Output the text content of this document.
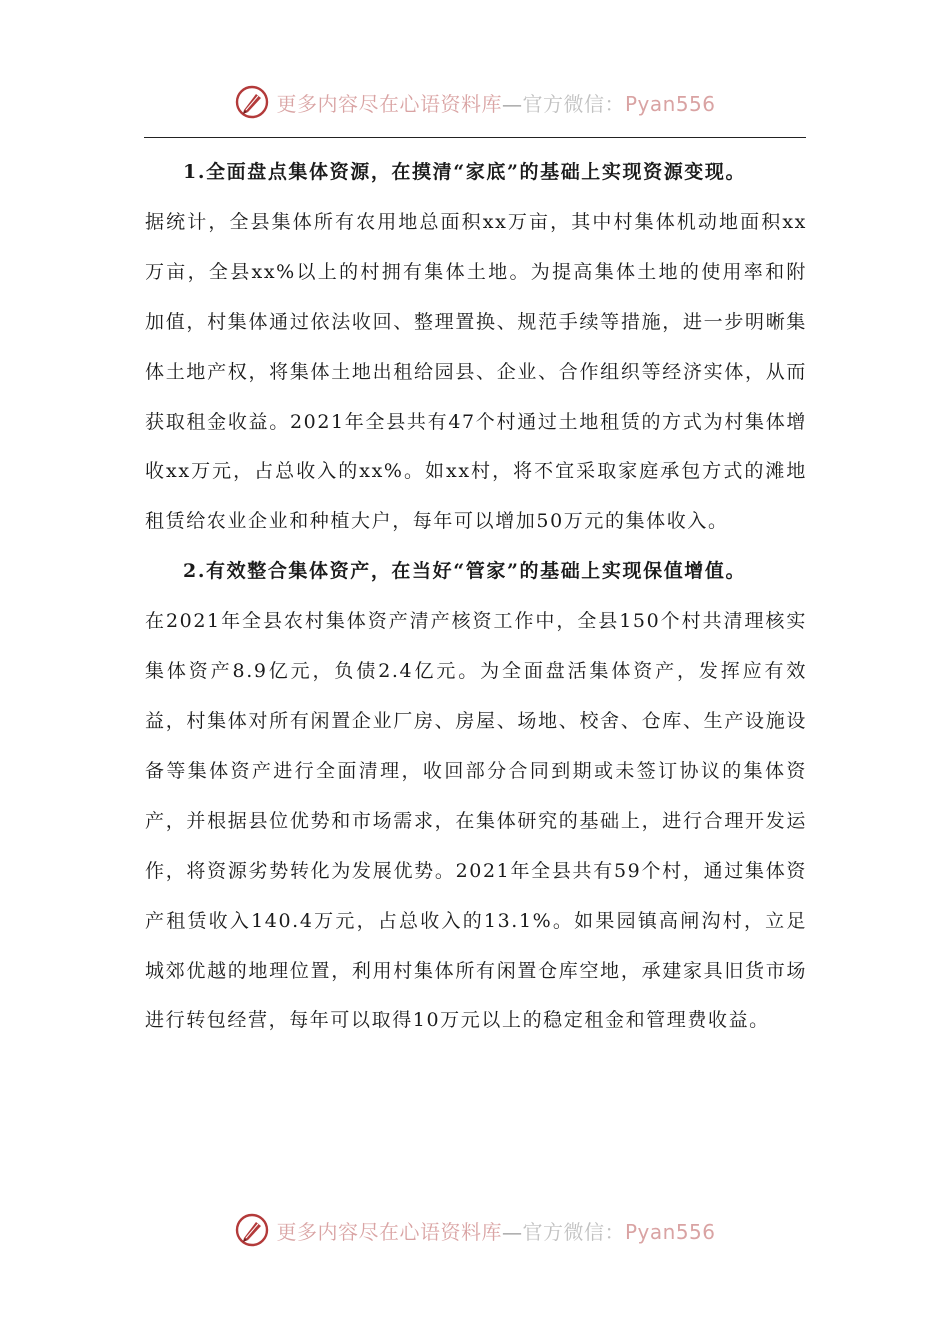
更多内容尽在心语资料库—官方微信：Pyan556

1.全面盘点集体资源，在摸清“家底”的基础上实现资源变现。

据统计，全县集体所有农用地总面积xx万亩，其中村集体机动地面积xx万亩，全县xx%以上的村拥有集体土地。为提高集体土地的使用率和附加值，村集体通过依法收回、整理置换、规范手续等措施，进一步明晰集体土地产权，将集体土地出租给园县、企业、合作组织等经济实体，从而获取租金收益。2021年全县共有47个村通过土地租赁的方式为村集体增收xx万元，占总收入的xx%。如xx村，将不宜采取家庭承包方式的滩地租赁给农业企业和种植大户，每年可以增加50万元的集体收入。

2.有效整合集体资产，在当好“管家”的基础上实现保值增值。

在2021年全县农村集体资产清产核资工作中，全县150个村共清理核实集体资产8.9亿元，负债2.4亿元。为全面盘活集体资产，发挥应有效益，村集体对所有闲置企业厂房、房屋、场地、校舍、仓库、生产设施设备等集体资产进行全面清理，收回部分合同到期或未签订协议的集体资产，并根据县位优势和市场需求，在集体研究的基础上，进行合理开发运作，将资源劣势转化为发展优势。2021年全县共有59个村，通过集体资产租赁收入140.4万元，占总收入的13.1%。如果园镇高闸沟村，立足城郊优越的地理位置，利用村集体所有闲置仓库空地，承建家具旧货市场进行转包经营，每年可以取得10万元以上的稳定租金和管理费收益。

更多内容尽在心语资料库—官方微信：Pyan556
